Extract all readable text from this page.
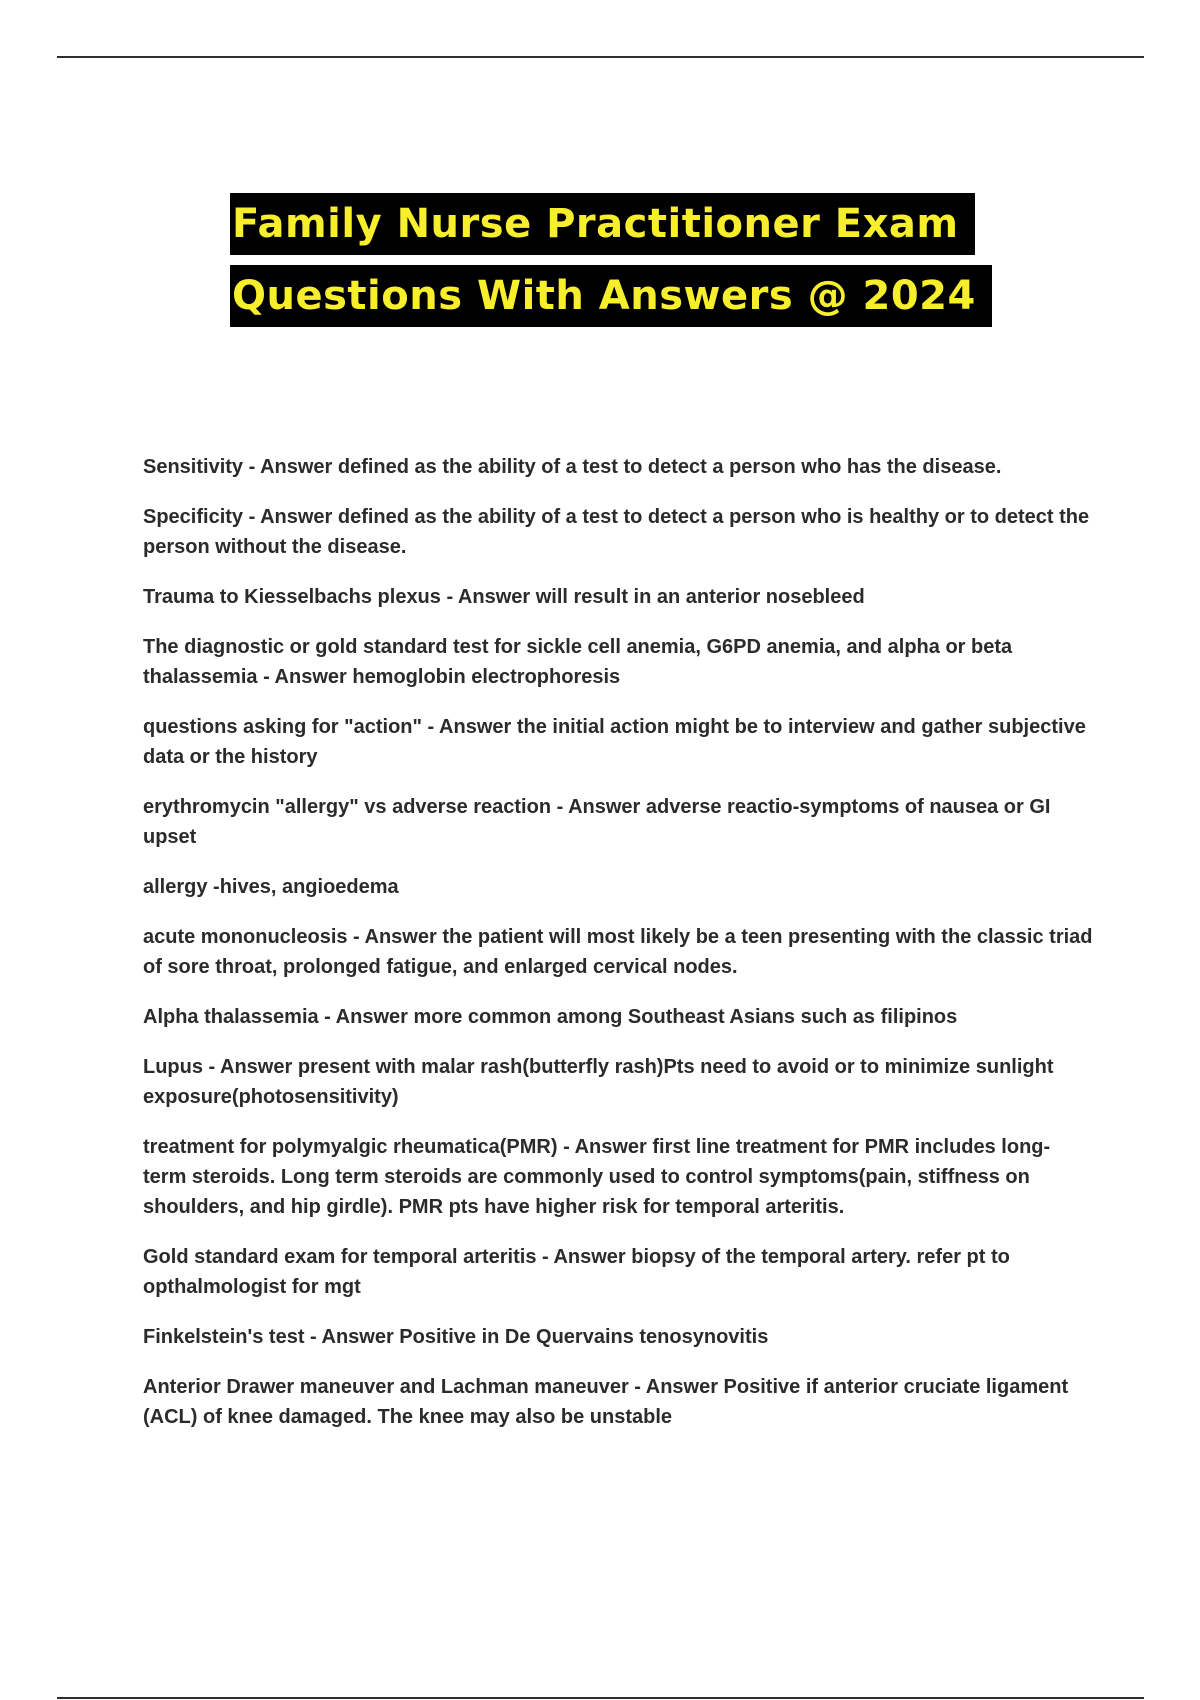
Family Nurse Practitioner Exam
Questions With Answers @ 2024

Sensitivity - Answer defined as the ability of a test to detect a person who has the disease.

Specificity - Answer defined as the ability of a test to detect a person who is healthy or to detect the person without the disease.

Trauma to Kiesselbachs plexus - Answer will result in an anterior nosebleed

The diagnostic or gold standard test for sickle cell anemia, G6PD anemia, and alpha or beta thalassemia - Answer hemoglobin electrophoresis

questions asking for "action" - Answer the initial action might be to interview and gather subjective data or the history

erythromycin "allergy" vs adverse reaction - Answer adverse reactio-symptoms of nausea or GI upset

allergy -hives, angioedema

acute mononucleosis - Answer the patient will most likely be a teen presenting with the classic triad of sore throat, prolonged fatigue, and enlarged cervical nodes.

Alpha thalassemia - Answer more common among Southeast Asians such as filipinos

Lupus - Answer present with malar rash(butterfly rash)Pts need to avoid or to minimize sunlight exposure(photosensitivity)

treatment for polymyalgic rheumatica(PMR) - Answer first line treatment for PMR includes long-term steroids. Long term steroids are commonly used to control symptoms(pain, stiffness on shoulders, and hip girdle). PMR pts have higher risk for temporal arteritis.

Gold standard exam for temporal arteritis - Answer biopsy of the temporal artery. refer pt to opthalmologist for mgt

Finkelstein's test - Answer Positive in De Quervains tenosynovitis

Anterior Drawer maneuver and Lachman maneuver - Answer Positive if anterior cruciate ligament (ACL) of knee damaged. The knee may also be unstable
